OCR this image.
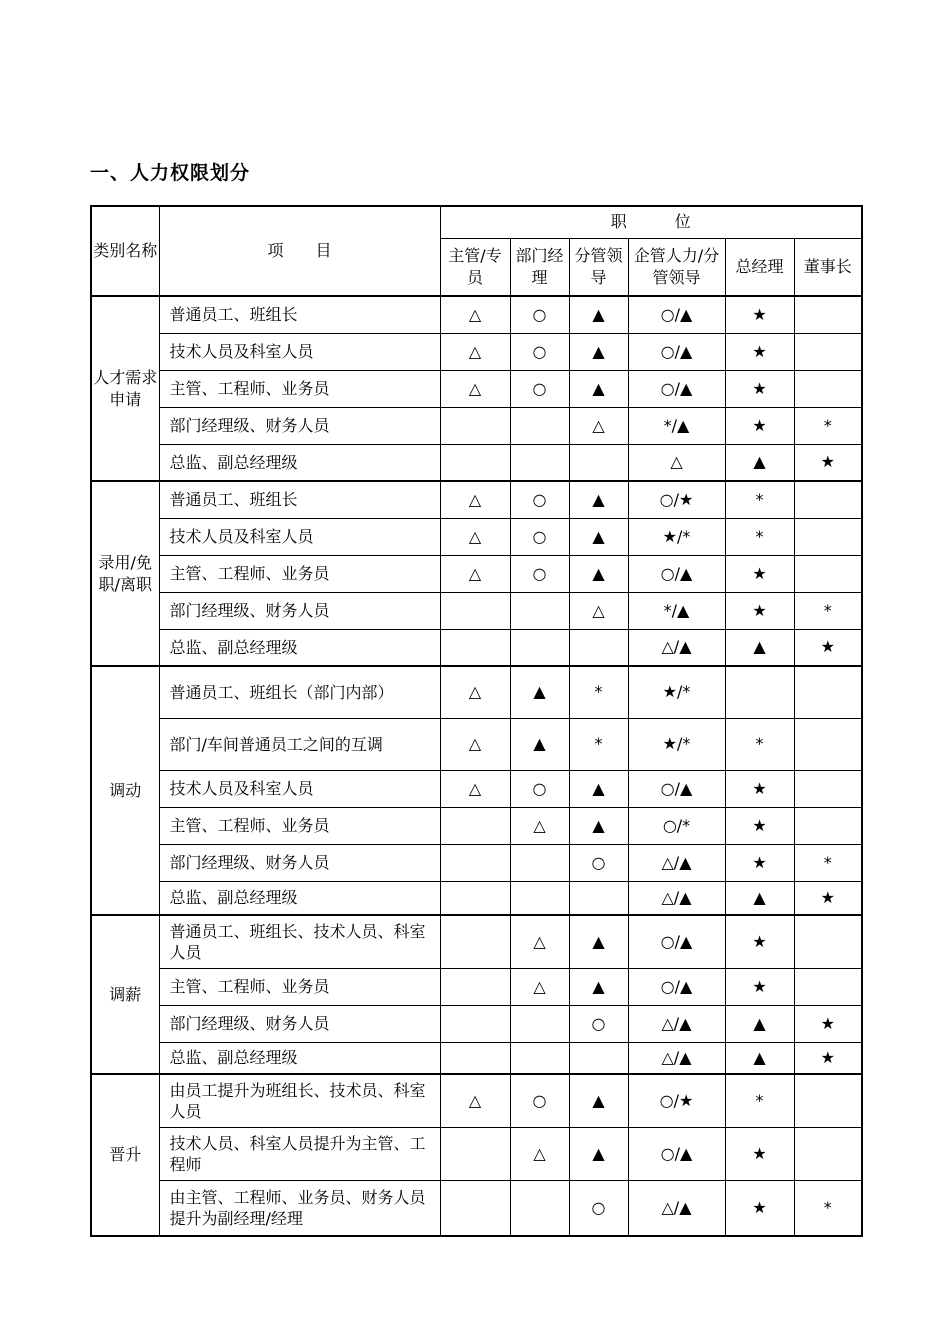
一、人力权限划分
类别名称	项　　目	职　　　位					
		主管/专员	部门经理	分管领导	企管人力/分管领导	总经理	董事长
人才需求申请	普通员工、班组长	△	○	▲	○/▲	★	
	技术人员及科室人员	△	○	▲	○/▲	★	
	主管、工程师、业务员	△	○	▲	○/▲	★	
	部门经理级、财务人员			△	*/▲	★	*
	总监、副总经理级				△	▲	★
录用/免职/离职	普通员工、班组长	△	○	▲	○/★	*	
	技术人员及科室人员	△	○	▲	★/*	*	
	主管、工程师、业务员	△	○	▲	○/▲	★	
	部门经理级、财务人员			△	*/▲	★	*
	总监、副总经理级				△/▲	▲	★
调动	普通员工、班组长（部门内部）	△	▲	*	★/*		
	部门/车间普通员工之间的互调	△	▲	*	★/*	*	
	技术人员及科室人员	△	○	▲	○/▲	★	
	主管、工程师、业务员		△	▲	○/*	★	
	部门经理级、财务人员			○	△/▲	★	*
	总监、副总经理级				△/▲	▲	★
调薪	普通员工、班组长、技术人员、科室人员		△	▲	○/▲	★	
	主管、工程师、业务员		△	▲	○/▲	★	
	部门经理级、财务人员			○	△/▲	▲	★
	总监、副总经理级				△/▲	▲	★
晋升	由员工提升为班组长、技术员、科室人员	△	○	▲	○/★	*	
	技术人员、科室人员提升为主管、工程师		△	▲	○/▲	★	
	由主管、工程师、业务员、财务人员提升为副经理/经理			○	△/▲	★	*
